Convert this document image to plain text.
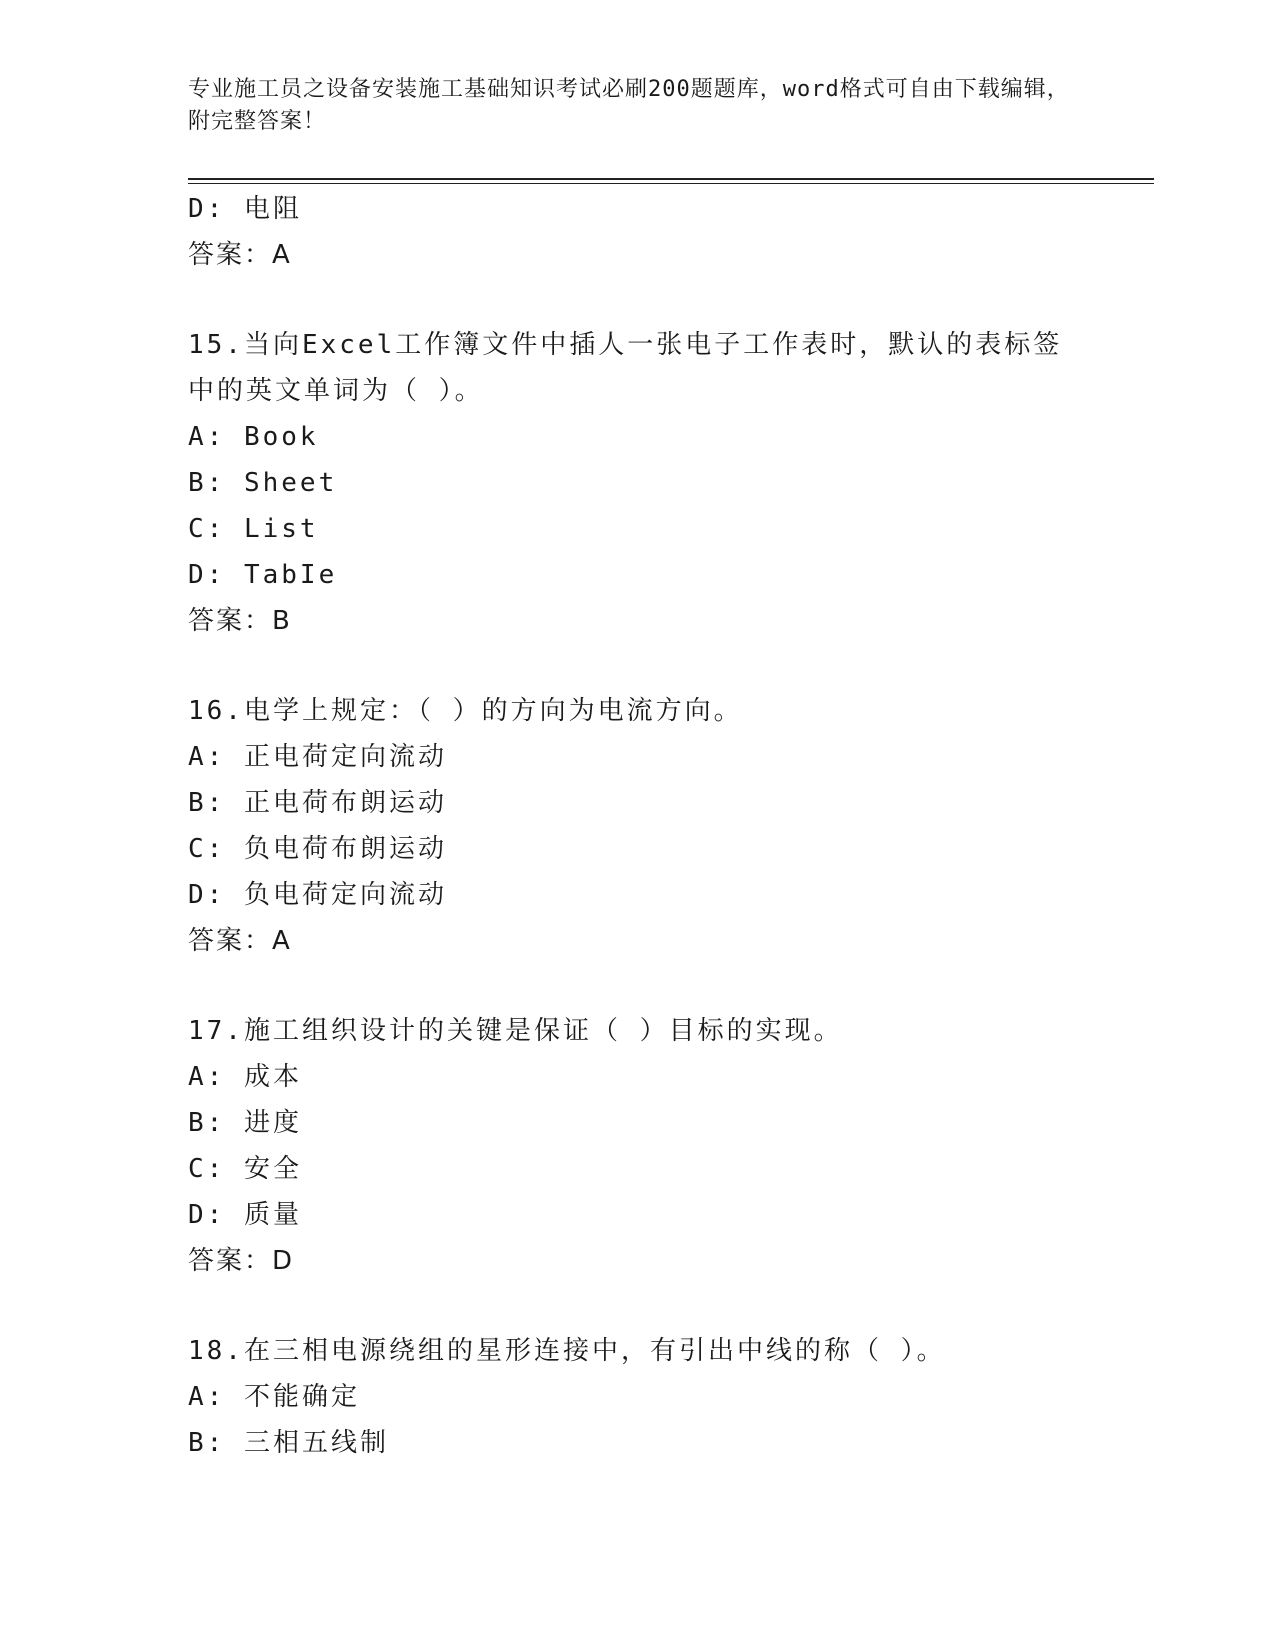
专业施工员之设备安装施工基础知识考试必刷200题题库，word格式可自由下载编辑，附完整答案！
D: 电阻
答案：A
15.当向Excel工作簿文件中插人一张电子工作表时，默认的表标签中的英文单词为（ ）。
A: Book
B: Sheet
C: List
D: TabIe
答案：B
16.电学上规定：（ ）的方向为电流方向。
A: 正电荷定向流动
B: 正电荷布朗运动
C: 负电荷布朗运动
D: 负电荷定向流动
答案：A
17.施工组织设计的关键是保证（ ）目标的实现。
A: 成本
B: 进度
C: 安全
D: 质量
答案：D
18.在三相电源绕组的星形连接中，有引出中线的称（ ）。
A: 不能确定
B: 三相五线制
